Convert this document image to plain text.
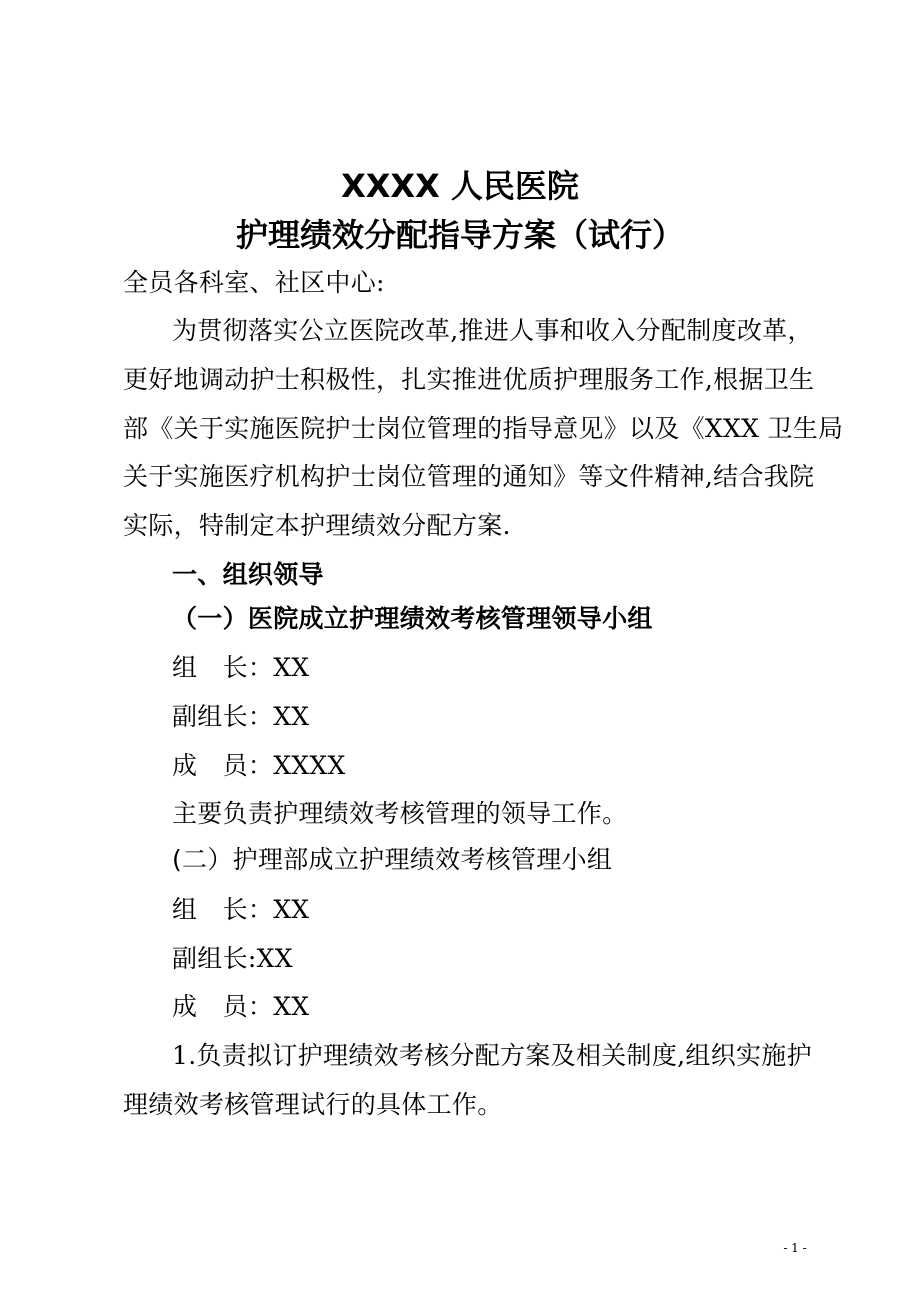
XXXX 人民医院
护理绩效分配指导方案（试行）
全员各科室、社区中心:
为贯彻落实公立医院改革,推进人事和收入分配制度改革，
更好地调动护士积极性，扎实推进优质护理服务工作,根据卫生
部《关于实施医院护士岗位管理的指导意见》以及《XXX 卫生局
关于实施医疗机构护士岗位管理的通知》等文件精神,结合我院
实际，特制定本护理绩效分配方案.
一、组织领导
（一）医院成立护理绩效考核管理领导小组
组　长：XX
副组长：XX
成　员：XXXX
主要负责护理绩效考核管理的领导工作。
(二）护理部成立护理绩效考核管理小组
组　长：XX
副组长:XX
成　员：XX
1.负责拟订护理绩效考核分配方案及相关制度,组织实施护
理绩效考核管理试行的具体工作。
- 1 -
